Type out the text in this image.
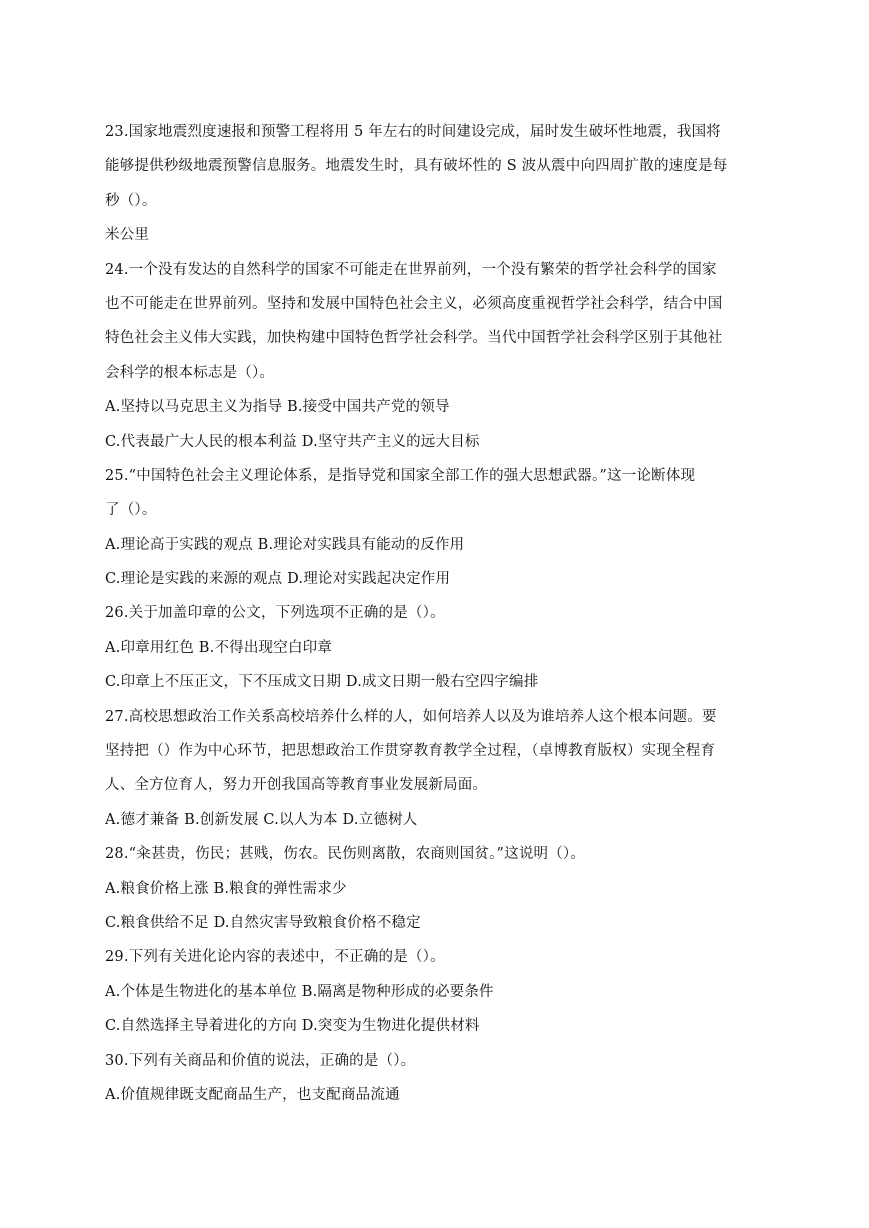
23.国家地震烈度速报和预警工程将用 5 年左右的时间建设完成，届时发生破坏性地震，我国将
能够提供秒级地震预警信息服务。地震发生时，具有破坏性的 S 波从震中向四周扩散的速度是每
秒（）。
米公里
24.一个没有发达的自然科学的国家不可能走在世界前列，一个没有繁荣的哲学社会科学的国家
也不可能走在世界前列。坚持和发展中国特色社会主义，必须高度重视哲学社会科学，结合中国
特色社会主义伟大实践，加快构建中国特色哲学社会科学。当代中国哲学社会科学区别于其他社
会科学的根本标志是（）。
A.坚持以马克思主义为指导 B.接受中国共产党的领导
C.代表最广大人民的根本利益 D.坚守共产主义的远大目标
25.“中国特色社会主义理论体系，是指导党和国家全部工作的强大思想武器。”这一论断体现
了（）。
A.理论高于实践的观点 B.理论对实践具有能动的反作用
C.理论是实践的来源的观点 D.理论对实践起决定作用
26.关于加盖印章的公文，下列选项不正确的是（）。
A.印章用红色 B.不得出现空白印章
C.印章上不压正文，下不压成文日期 D.成文日期一般右空四字编排
27.高校思想政治工作关系高校培养什么样的人，如何培养人以及为谁培养人这个根本问题。要
坚持把（）作为中心环节，把思想政治工作贯穿教育教学全过程，（卓博教育版权）实现全程育
人、全方位育人，努力开创我国高等教育事业发展新局面。
A.德才兼备 B.创新发展 C.以人为本 D.立德树人
28.“籴甚贵，伤民；甚贱，伤农。民伤则离散，农商则国贫。”这说明（）。
A.粮食价格上涨 B.粮食的弹性需求少
C.粮食供给不足 D.自然灾害导致粮食价格不稳定
29.下列有关进化论内容的表述中，不正确的是（）。
A.个体是生物进化的基本单位 B.隔离是物种形成的必要条件
C.自然选择主导着进化的方向 D.突变为生物进化提供材料
30.下列有关商品和价值的说法，正确的是（）。
A.价值规律既支配商品生产，也支配商品流通
